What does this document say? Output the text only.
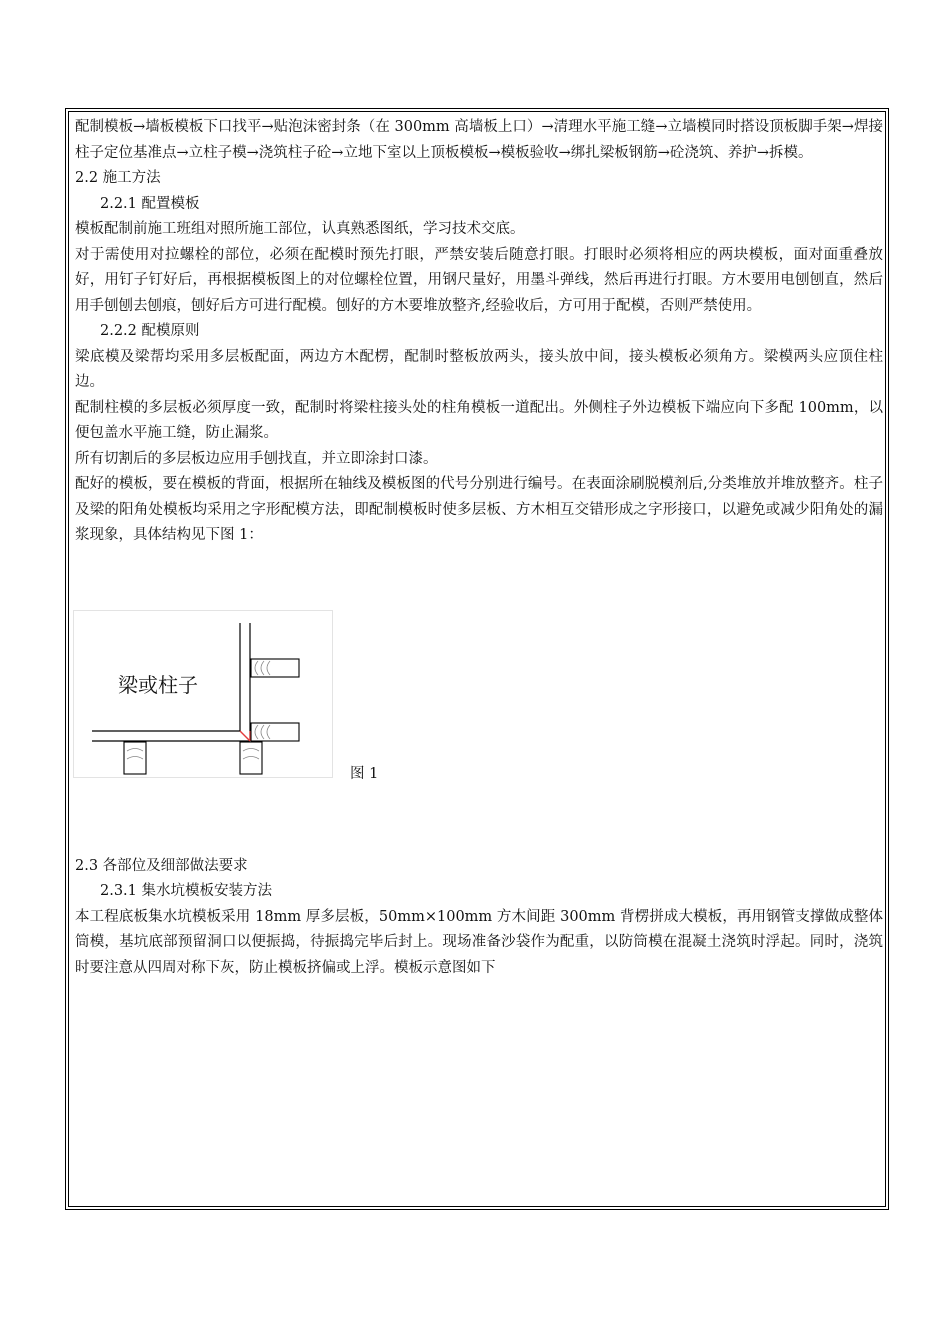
配制模板→墙板模板下口找平→贴泡沫密封条（在 300mm 高墙板上口）→清理水平施工缝→立墙模同时搭设顶板脚手架→焊接柱子定位基准点→立柱子模→浇筑柱子砼→立地下室以上顶板模板→模板验收→绑扎梁板钢筋→砼浇筑、养护→拆模。

2.2 施工方法

2.2.1 配置模板

模板配制前施工班组对照所施工部位，认真熟悉图纸，学习技术交底。

对于需使用对拉螺栓的部位，必须在配模时预先打眼，严禁安装后随意打眼。打眼时必须将相应的两块模板，面对面重叠放好，用钉子钉好后，再根据模板图上的对位螺栓位置，用钢尺量好，用墨斗弹线，然后再进行打眼。方木要用电刨刨直，然后用手刨刨去刨痕，刨好后方可进行配模。刨好的方木要堆放整齐,经验收后，方可用于配模，否则严禁使用。

2.2.2 配模原则

梁底模及梁帮均采用多层板配面，两边方木配楞，配制时整板放两头，接头放中间，接头模板必须角方。梁模两头应顶住柱边。

配制柱模的多层板必须厚度一致，配制时将梁柱接头处的柱角模板一道配出。外侧柱子外边模板下端应向下多配 100mm，以便包盖水平施工缝，防止漏浆。

所有切割后的多层板边应用手刨找直，并立即涂封口漆。

配好的模板，要在模板的背面，根据所在轴线及模板图的代号分别进行编号。在表面涂刷脱模剂后,分类堆放并堆放整齐。柱子及梁的阳角处模板均采用之字形配模方法，即配制模板时使多层板、方木相互交错形成之字形接口，以避免或减少阳角处的漏浆现象，具体结构见下图 1：

梁或柱子
图 1

2.3 各部位及细部做法要求

2.3.1 集水坑模板安装方法

本工程底板集水坑模板采用 18mm 厚多层板，50mm×100mm 方木间距 300mm 背楞拼成大模板，再用钢管支撑做成整体筒模，基坑底部预留洞口以便振捣，待振捣完毕后封上。现场准备沙袋作为配重，以防筒模在混凝土浇筑时浮起。同时，浇筑时要注意从四周对称下灰，防止模板挤偏或上浮。模板示意图如下
